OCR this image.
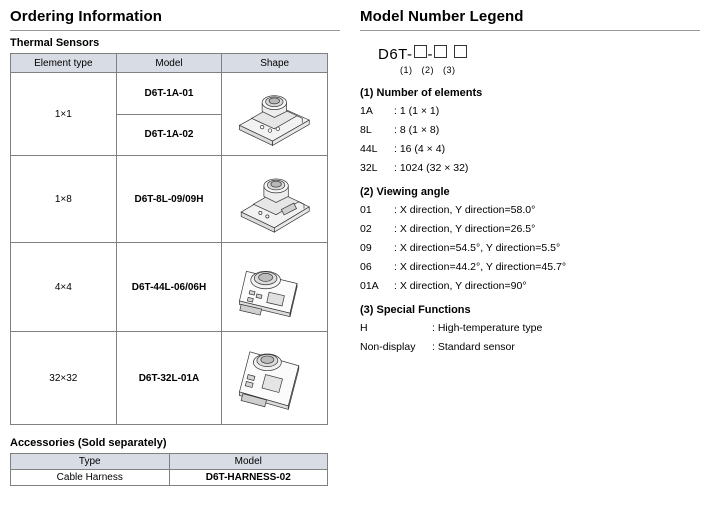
Ordering Information
Thermal Sensors
Element type	Model	Shape
1×1	D6T-1A-01	

	D6T-1A-02	
1×8	D6T-8L-09/09H	

4×4	D6T-44L-06/06H	

32×32	D6T-32L-01A	
Accessories (Sold separately)
Type	Model
Cable Harness	D6T-HARNESS-02
Model Number Legend
D6T- -
(1) (2) (3)
(1) Number of elements
1A : 1 (1 × 1)
8L : 8 (1 × 8)
44L : 16 (4 × 4)
32L : 1024 (32 × 32)
(2) Viewing angle
01 : X direction, Y direction=58.0°
02 : X direction, Y direction=26.5°
09 : X direction=54.5°, Y direction=5.5°
06 : X direction=44.2°, Y direction=45.7°
01A : X direction, Y direction=90°
(3) Special Functions
H	: High-temperature type
Non-display : Standard sensor
